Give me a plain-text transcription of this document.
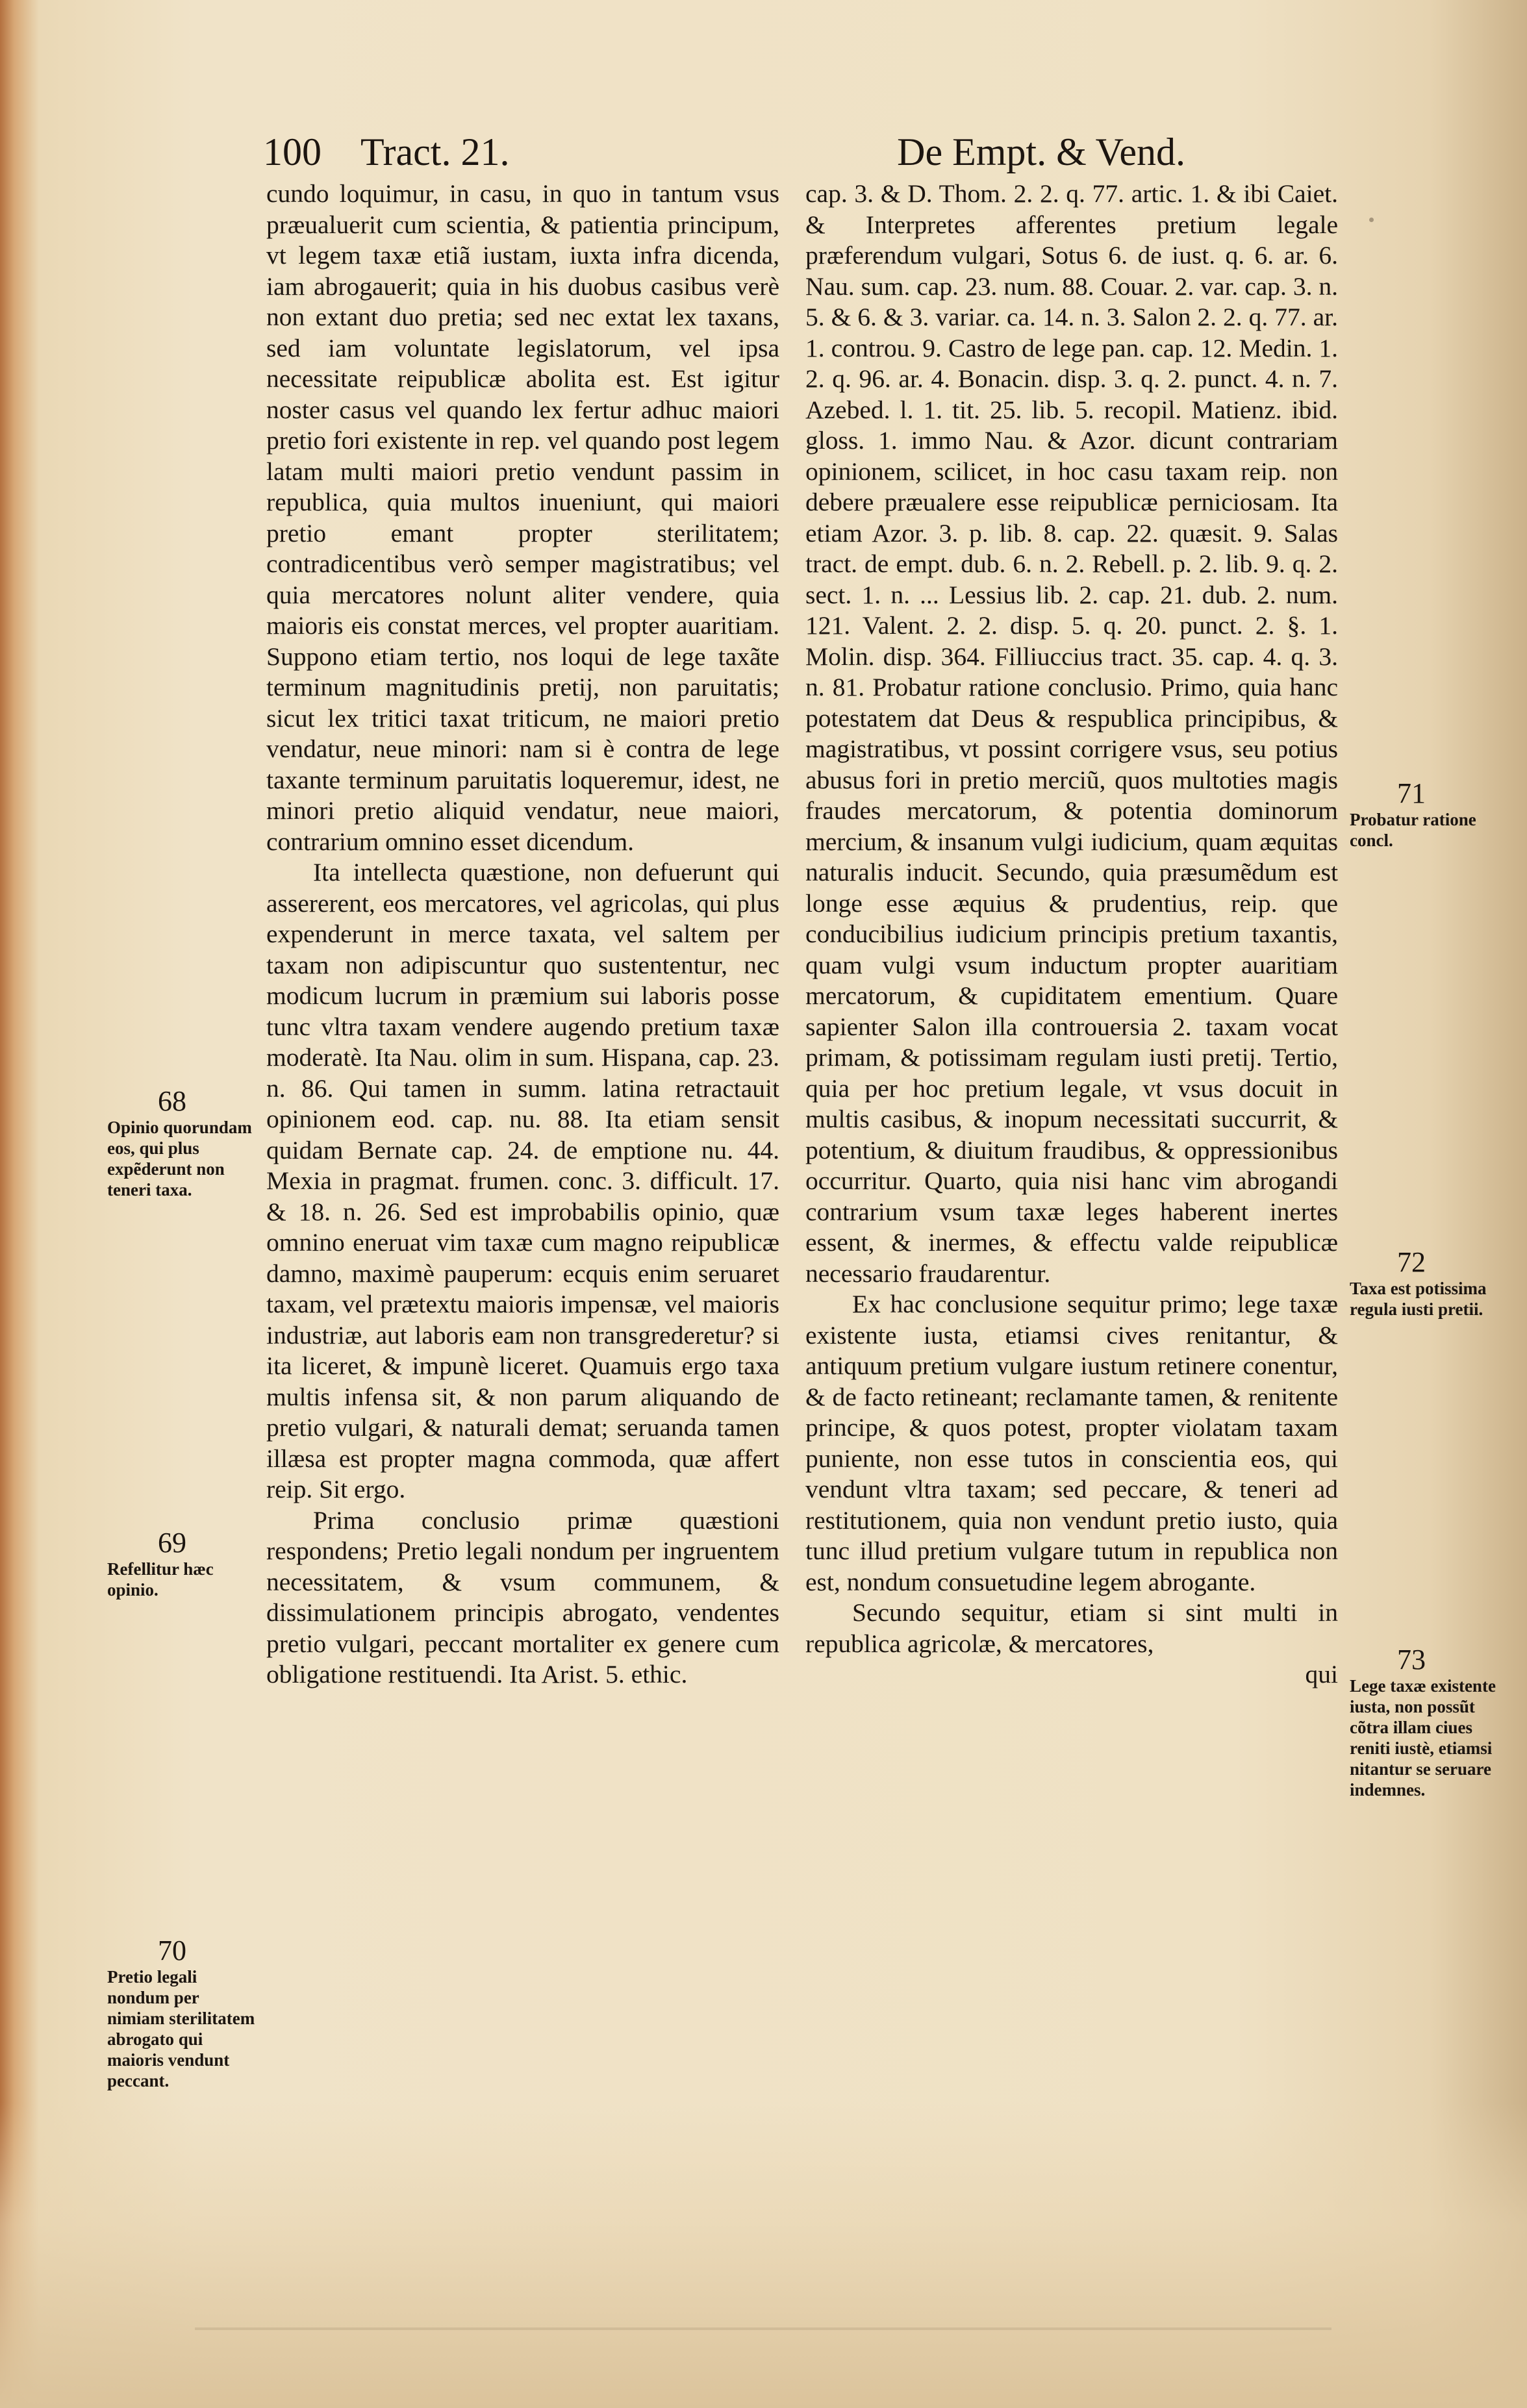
100 Tract. 21.	De Empt. & Vend.

cundo loquimur, in casu, in quo in tantum vsus præualuerit cum scientia, & patientia principum, vt legem taxæ etiã iustam, iuxta infra dicenda, iam abrogauerit; quia in his duobus casibus verè non extant duo pretia; sed nec extat lex taxans, sed iam voluntate legislatorum, vel ipsa necessitate reipublicæ abolita est. Est igitur noster casus vel quando lex fertur adhuc maiori pretio fori existente in rep. vel quando post legem latam multi maiori pretio vendunt passim in republica, quia multos inueniunt, qui maiori pretio emant propter sterilitatem; contradicentibus verò semper magistratibus; vel quia mercatores nolunt aliter vendere, quia maioris eis constat merces, vel propter auaritiam. Suppono etiam tertio, nos loqui de lege taxãte terminum magnitudinis pretij, non paruitatis; sicut lex tritici taxat triticum, ne maiori pretio vendatur, neue minori: nam si è contra de lege taxante terminum paruitatis loqueremur, idest, ne minori pretio aliquid vendatur, neue maiori, contrarium omnino esset dicendum.

Ita intellecta quæstione, non defuerunt qui assererent, eos mercatores, vel agricolas, qui plus expenderunt in merce taxata, vel saltem per taxam non adipiscuntur quo sustententur, nec modicum lucrum in præmium sui laboris posse tunc vltra taxam vendere augendo pretium taxæ moderatè. Ita Nau. olim in sum. Hispana, cap. 23. n. 86. Qui tamen in summ. latina retractauit opinionem eod. cap. nu. 88. Ita etiam sensit quidam Bernate cap. 24. de emptione nu. 44. Mexia in pragmat. frumen. conc. 3. difficult. 17. & 18. n. 26. Sed est improbabilis opinio, quæ omnino eneruat vim taxæ cum magno reipublicæ damno, maximè pauperum: ecquis enim seruaret taxam, vel prætextu maioris impensæ, vel maioris industriæ, aut laboris eam non transgrederetur? si ita liceret, & impunè liceret. Quamuis ergo taxa multis infensa sit, & non parum aliquando de pretio vulgari, & naturali demat; seruanda tamen illæsa est propter magna commoda, quæ affert reip. Sit ergo.

Prima conclusio primæ quæstioni respondens; Pretio legali nondum per ingruentem necessitatem, & vsum communem, & dissimulationem principis abrogato, vendentes pretio vulgari, peccant mortaliter ex genere cum obligatione restituendi. Ita Arist. 5. ethic.

cap. 3. & D. Thom. 2. 2. q. 77. artic. 1. & ibi Caiet. & Interpretes afferentes pretium legale præferendum vulgari, Sotus 6. de iust. q. 6. ar. 6. Nau. sum. cap. 23. num. 88. Couar. 2. var. cap. 3. n. 5. & 6. & 3. variar. ca. 14. n. 3. Salon 2. 2. q. 77. ar. 1. controu. 9. Castro de lege pan. cap. 12. Medin. 1. 2. q. 96. ar. 4. Bonacin. disp. 3. q. 2. punct. 4. n. 7. Azebed. l. 1. tit. 25. lib. 5. recopil. Matienz. ibid. gloss. 1. immo Nau. & Azor. dicunt contrariam opinionem, scilicet, in hoc casu taxam reip. non debere præualere esse reipublicæ perniciosam. Ita etiam Azor. 3. p. lib. 8. cap. 22. quæsit. 9. Salas tract. de empt. dub. 6. n. 2. Rebell. p. 2. lib. 9. q. 2. sect. 1. n. ... Lessius lib. 2. cap. 21. dub. 2. num. 121. Valent. 2. 2. disp. 5. q. 20. punct. 2. §. 1. Molin. disp. 364. Filliuccius tract. 35. cap. 4. q. 3. n. 81. Probatur ratione conclusio. Primo, quia hanc potestatem dat Deus & respublica principibus, & magistratibus, vt possint corrigere vsus, seu potius abusus fori in pretio merciũ, quos multoties magis fraudes mercatorum, & potentia dominorum mercium, & insanum vulgi iudicium, quam æquitas naturalis inducit. Secundo, quia præsumẽdum est longe esse æquius & prudentius, reip. que conducibilius iudicium principis pretium taxantis, quam vulgi vsum inductum propter auaritiam mercatorum, & cupiditatem ementium. Quare sapienter Salon illa controuersia 2. taxam vocat primam, & potissimam regulam iusti pretij. Tertio, quia per hoc pretium legale, vt vsus docuit in multis casibus, & inopum necessitati succurrit, & potentium, & diuitum fraudibus, & oppressionibus occurritur. Quarto, quia nisi hanc vim abrogandi contrarium vsum taxæ leges haberent inertes essent, & inermes, & effectu valde reipublicæ necessario fraudarentur.

Ex hac conclusione sequitur primo; lege taxæ existente iusta, etiamsi cives renitantur, & antiquum pretium vulgare iustum retinere conentur, & de facto retineant; reclamante tamen, & renitente principe, & quos potest, propter violatam taxam puniente, non esse tutos in conscientia eos, qui vendunt vltra taxam; sed peccare, & teneri ad restitutionem, quia non vendunt pretio iusto, quia tunc illud pretium vulgare tutum in republica non est, nondum consuetudine legem abrogante.

Secundo sequitur, etiam si sint multi in republica agricolæ, & mercatores,

qui

68
Opinio quorundam eos, qui plus expẽderunt non teneri taxa.
69
Refellitur hæc opinio.
70
Pretio legali nondum per nimiam sterilitatem abrogato qui maioris vendunt peccant.
71
Probatur ratione concl.
72
Taxa est potissima regula iusti pretii.
73
Lege taxæ existente iusta, non possũt cõtra illam ciues reniti iustè, etiamsi nitantur se seruare indemnes.
